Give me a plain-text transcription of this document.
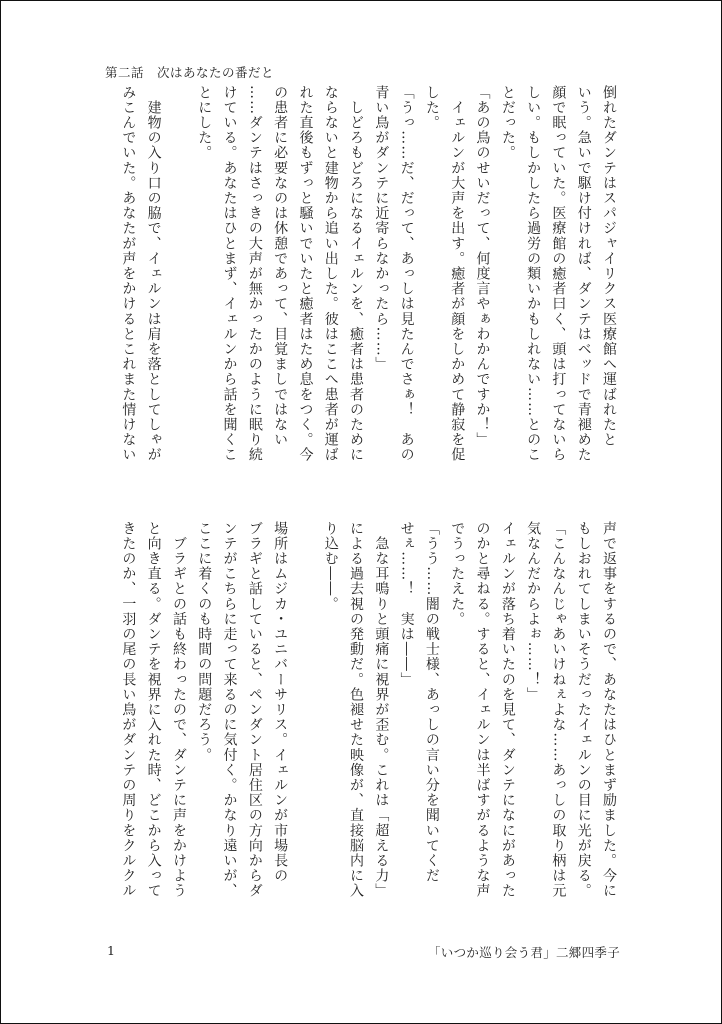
第二話　次はあなたの番だと
倒れたダンテはスパジャイリクス医療館へ運ばれたと
いう。急いで駆け付ければ、ダンテはベッドで青褪めた
顔で眠っていた。医療館の癒者曰く、頭は打ってないら
しい。もしかしたら過労の類いかもしれない……とのこ
とだった。
「あの鳥のせいだって、何度言やぁわかんですか！」
　イェルンが大声を出す。癒者が顔をしかめて静寂を促
した。
「うっ……だ、だって、あっしは見たんでさぁ！　あの
青い鳥がダンテに近寄らなかったら……」
　しどろもどろになるイェルンを、癒者は患者のために
ならないと建物から追い出した。彼はここへ患者が運ば
れた直後もずっと騒いでいたと癒者はため息をつく。今
の患者に必要なのは休憩であって、目覚ましではない
……ダンテはさっきの大声が無かったかのように眠り続
けている。あなたはひとまず、イェルンから話を聞くこ
とにした。
　建物の入り口の脇で、イェルンは肩を落としてしゃが
みこんでいた。あなたが声をかけるとこれまた情けない
声で返事をするので、あなたはひとまず励ました。今に
もしおれてしまいそうだったイェルンの目に光が戻る。
「こんなんじゃあいけねぇよな……あっしの取り柄は元
気なんだからよぉ……！」
イェルンが落ち着いたのを見て、ダンテになにがあった
のかと尋ねる。すると、イェルンは半ばすがるような声
でうったえた。
「うう……闇の戦士様、あっしの言い分を聞いてくだ
せぇ……！　実は――」
　急な耳鳴りと頭痛に視界が歪む。これは「超える力」
による過去視の発動だ。色褪せた映像が、直接脳内に入
り込む――。
場所はムジカ・ユニバーサリス。イェルンが市場長の
ブラギと話していると、ペンダント居住区の方向からダ
ンテがこちらに走って来るのに気付く。かなり遠いが、
ここに着くのも時間の問題だろう。
　ブラギとの話も終わったので、ダンテに声をかけよう
と向き直る。ダンテを視界に入れた時、どこから入って
きたのか、一羽の尾の長い鳥がダンテの周りをクルクル
1	「いつか巡り会う君」二郷四季子
